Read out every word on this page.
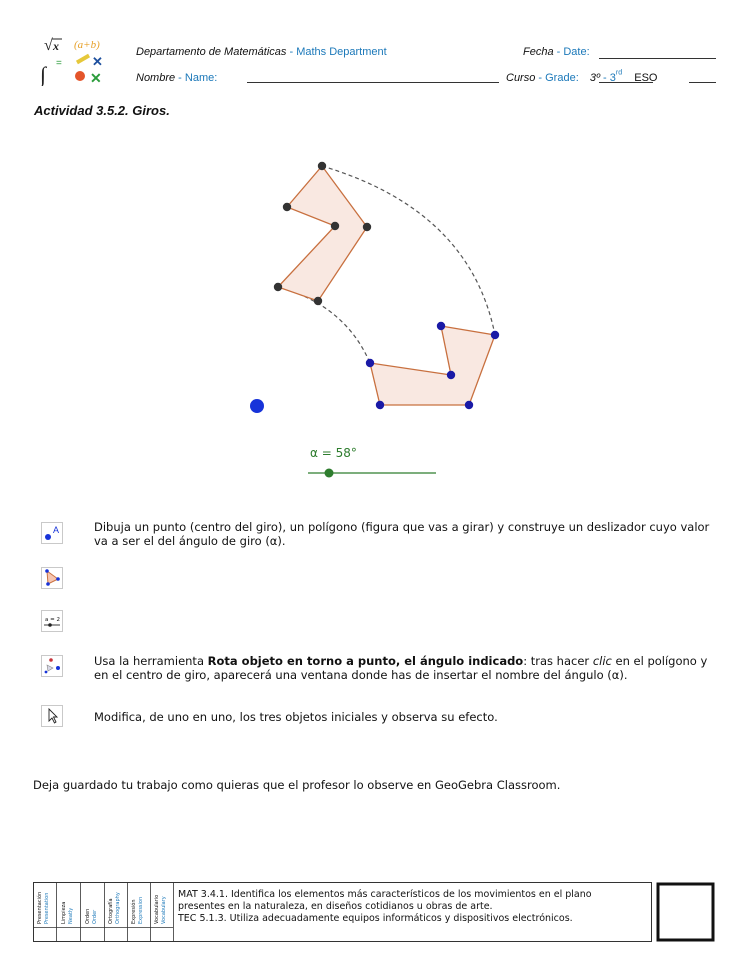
√ x (a+b)
∫ = ✕
✕
Departamento de Matemáticas - Maths Department
Nombre - Name:
Fecha - Date:
Curso - Grade: 3º - 3rd ESO
Actividad 3.5.2. Giros.
α = 58°
A	Dibuja un punto (centro del giro), un polígono (figura que vas a girar) y construye un deslizador cuyo valor va a ser el del ángulo de giro (α).
a = 2
Usa la herramienta Rota objeto en torno a punto, el ángulo indicado: tras hacer clic en el polígono y en el centro de giro, aparecerá una ventana donde has de insertar el nombre del ángulo (α).
Modifica, de uno en uno, los tres objetos iniciales y observa su efecto.
Deja guardado tu trabajo como quieras que el profesor lo observe en GeoGebra Classroom.
Presentación Presentation Limpieza Neatly Orden Order Ortografía Orthography Expresión Expression Vocabulario Vocabulary
MAT 3.4.1. Identifica los elementos más característicos de los movimientos en el plano
presentes en la naturaleza, en diseños cotidianos u obras de arte.
TEC 5.1.3. Utiliza adecuadamente equipos informáticos y dispositivos electrónicos.
